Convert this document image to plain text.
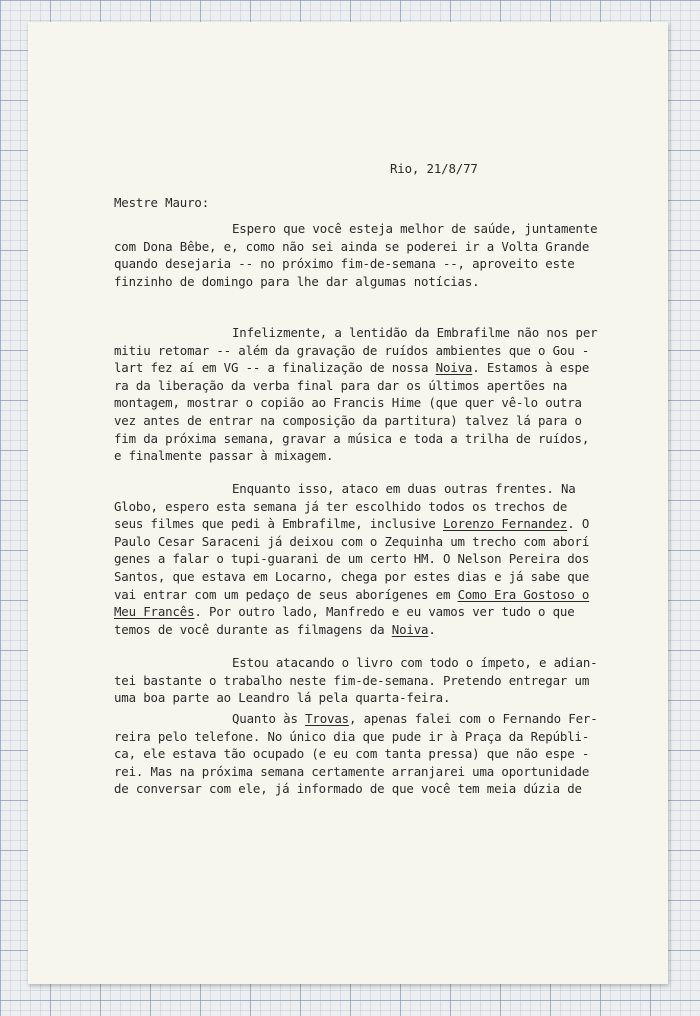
Rio, 21/8/77

Mestre Mauro:

Espero que você esteja melhor de saúde, juntamente
com Dona Bêbe, e, como não sei ainda se poderei ir a Volta Grande
quando desejaria -- no próximo fim-de-semana --, aproveito este
finzinho de domingo para lhe dar algumas notícias.
Infelizmente, a lentidão da Embrafilme não nos per
mitiu retomar -- além da gravação de ruídos ambientes que o Gou -
lart fez aí em VG -- a finalização de nossa Noiva. Estamos à espe
ra da liberação da verba final para dar os últimos apertões na
montagem, mostrar o copião ao Francis Hime (que quer vê-lo outra
vez antes de entrar na composição da partitura) talvez lá para o
fim da próxima semana, gravar a música e toda a trilha de ruídos,
e finalmente passar à mixagem.
Enquanto isso, ataco em duas outras frentes. Na
Globo, espero esta semana já ter escolhido todos os trechos de
seus filmes que pedi à Embrafilme, inclusive Lorenzo Fernandez. O
Paulo Cesar Saraceni já deixou com o Zequinha um trecho com aborí
genes a falar o tupi-guarani de um certo HM. O Nelson Pereira dos
Santos, que estava em Locarno, chega por estes dias e já sabe que
vai entrar com um pedaço de seus aborígenes em Como Era Gostoso o
Meu Francês. Por outro lado, Manfredo e eu vamos ver tudo o que
temos de você durante as filmagens da Noiva.
Estou atacando o livro com todo o ímpeto, e adian-
tei bastante o trabalho neste fim-de-semana. Pretendo entregar um
uma boa parte ao Leandro lá pela quarta-feira.
Quanto às Trovas, apenas falei com o Fernando Fer-
reira pelo telefone. No único dia que pude ir à Praça da Repúbli-
ca, ele estava tão ocupado (e eu com tanta pressa) que não espe -
rei. Mas na próxima semana certamente arranjarei uma oportunidade
de conversar com ele, já informado de que você tem meia dúzia de
